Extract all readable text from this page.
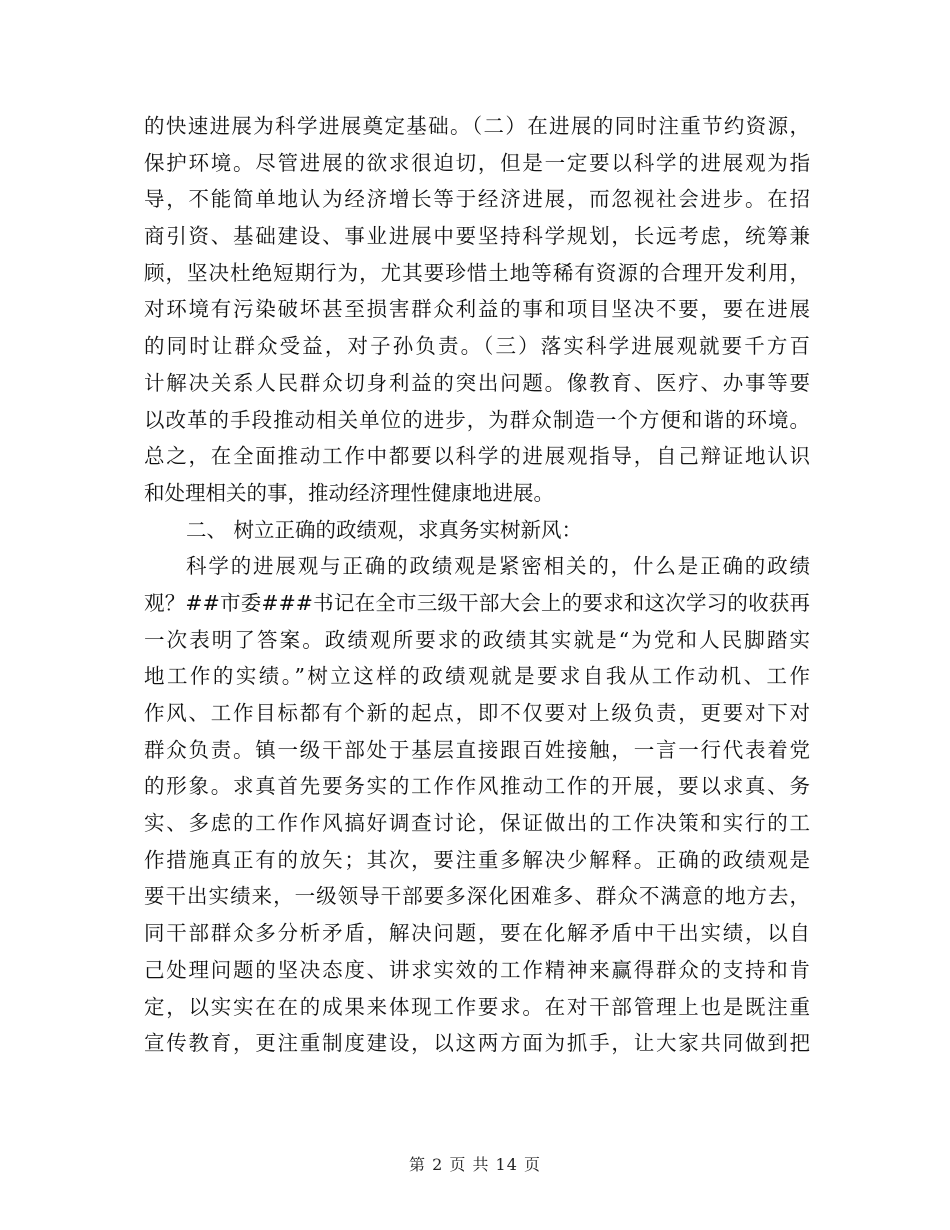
的快速进展为科学进展奠定基础。（二）在进展的同时注重节约资源，
保护环境。尽管进展的欲求很迫切，但是一定要以科学的进展观为指
导，不能简单地认为经济增长等于经济进展，而忽视社会进步。在招
商引资、基础建设、事业进展中要坚持科学规划，长远考虑，统筹兼
顾，坚决杜绝短期行为，尤其要珍惜土地等稀有资源的合理开发利用，
对环境有污染破坏甚至损害群众利益的事和项目坚决不要，要在进展
的同时让群众受益，对子孙负责。（三）落实科学进展观就要千方百
计解决关系人民群众切身利益的突出问题。像教育、医疗、办事等要
以改革的手段推动相关单位的进步，为群众制造一个方便和谐的环境。
总之，在全面推动工作中都要以科学的进展观指导，自己辩证地认识
和处理相关的事，推动经济理性健康地进展。
二、 树立正确的政绩观，求真务实树新风：
科学的进展观与正确的政绩观是紧密相关的，什么是正确的政绩
观？##市委###书记在全市三级干部大会上的要求和这次学习的收获再
一次表明了答案。政绩观所要求的政绩其实就是“为党和人民脚踏实
地工作的实绩。”树立这样的政绩观就是要求自我从工作动机、工作
作风、工作目标都有个新的起点，即不仅要对上级负责，更要对下对
群众负责。镇一级干部处于基层直接跟百姓接触，一言一行代表着党
的形象。求真首先要务实的工作作风推动工作的开展，要以求真、务
实、多虑的工作作风搞好调查讨论，保证做出的工作决策和实行的工
作措施真正有的放矢；其次，要注重多解决少解释。正确的政绩观是
要干出实绩来，一级领导干部要多深化困难多、群众不满意的地方去，
同干部群众多分析矛盾，解决问题，要在化解矛盾中干出实绩，以自
己处理问题的坚决态度、讲求实效的工作精神来赢得群众的支持和肯
定，以实实在在的成果来体现工作要求。在对干部管理上也是既注重
宣传教育，更注重制度建设，以这两方面为抓手，让大家共同做到把
第 2 页 共 14 页
